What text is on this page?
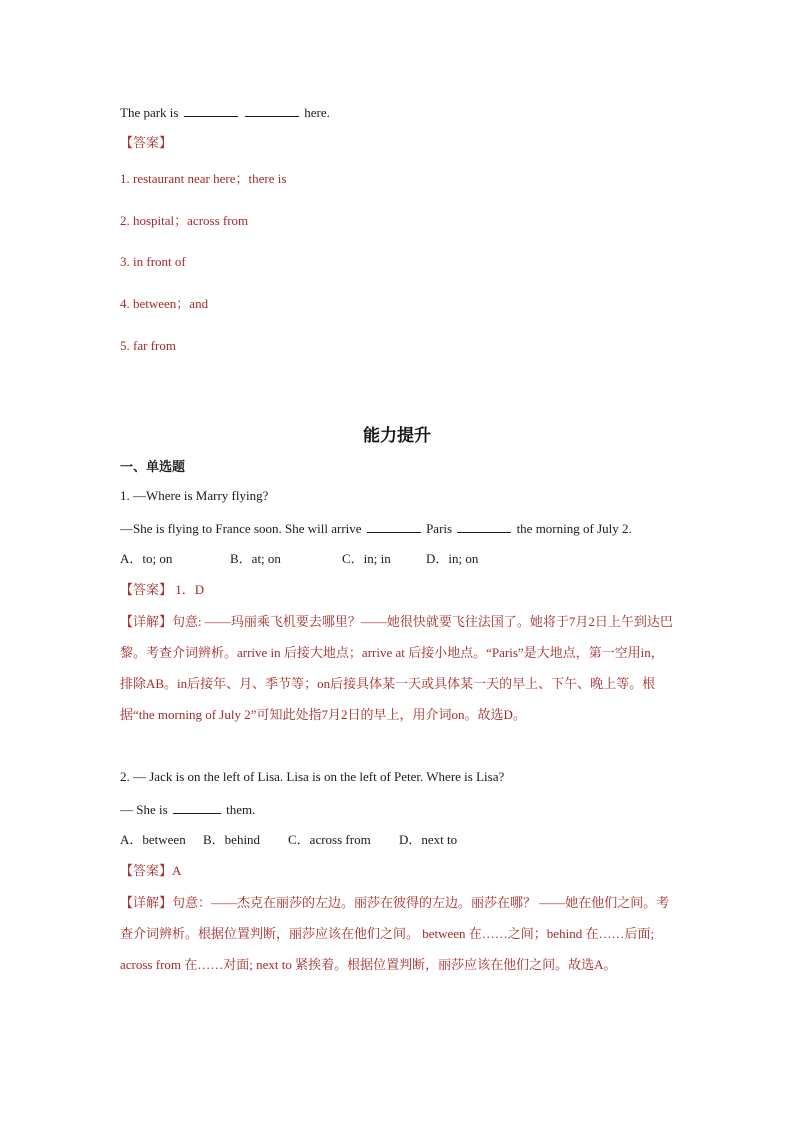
The park is	here.
【答案】
1. restaurant near here；there is
2. hospital；across from
3. in front of
4. between；and
5. far from
能力提升
一、单选题
1. —Where is Marry flying?
—She is flying to France soon. She will arrive	Paris	the morning of July 2.
A．to; on	B．at; on	C．in; in	D．in; on
【答案】 1．D
【详解】句意: ——玛丽乘飞机要去哪里？——她很快就要飞往法国了。她将于7月2日上午到达巴黎。考查介词辨析。arrive in 后接大地点；arrive at 后接小地点。“Paris”是大地点，第一空用in，排除AB。in后接年、月、季节等；on后接具体某一天或具体某一天的早上、下午、晚上等。根据“the morning of July 2”可知此处指7月2日的早上，用介词on。故选D。
2. — Jack is on the left of Lisa. Lisa is on the left of Peter. Where is Lisa?
— She is	them.
A．between B．behind C．across from D．next to
【答案】A
【详解】句意：——杰克在丽莎的左边。丽莎在彼得的左边。丽莎在哪？ ——她在他们之间。考查介词辨析。根据位置判断，丽莎应该在他们之间。 between 在……之间；behind 在……后面; across from 在……对面; next to 紧挨着。根据位置判断，丽莎应该在他们之间。故选A。
